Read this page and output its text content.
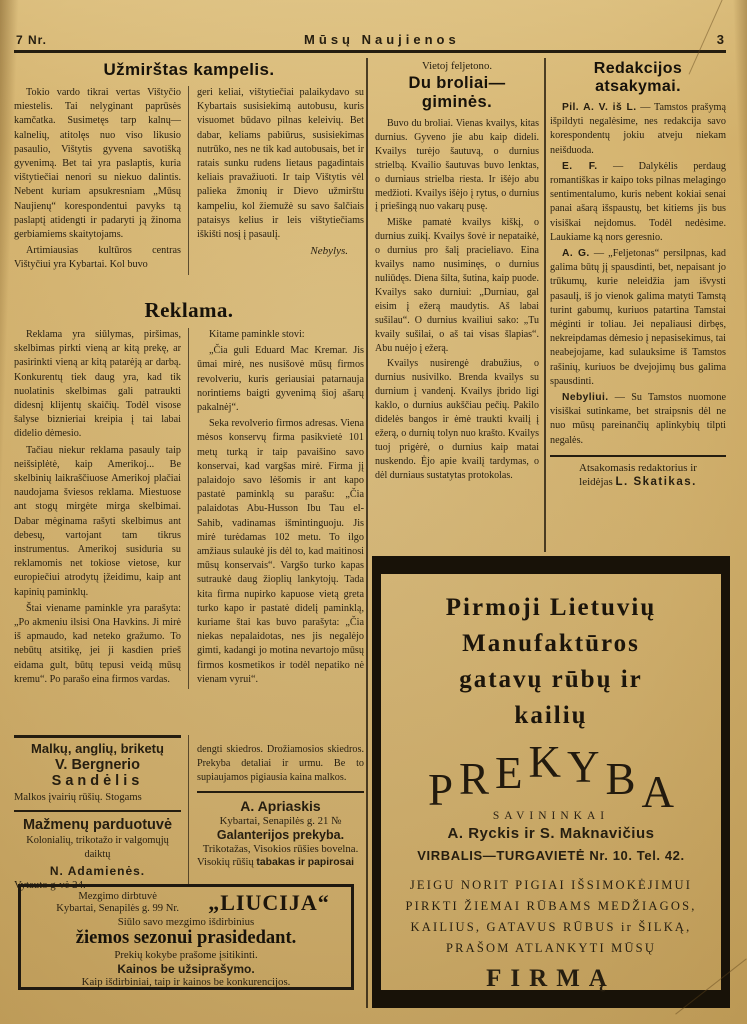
7 Nr.	Mūsų Naujienos	3
Užmirštas kampelis.

Tokio vardo tikrai vertas Vištyčio miestelis. Tai nelyginant paprūsės kamčatka. Susimetęs tarp kalnų—kalnelių, atitolęs nuo viso likusio pasaulio, Vištytis gyvena savotišką gyvenimą. Bet tai yra paslaptis, kuria vištytiečiai nenori su niekuo dalintis. Nebent kuriam apsukresniam „Mūsų Naujienų“ korespondentui pavyks tą paslaptį atidengti ir padaryti ją žinoma gerbiamiems skaitytojams.

Artimiausias kultūros centras Vištyčiui yra Kybartai. Kol buvo

geri keliai, vištytiečiai palaikydavo su Kybartais susisiekimą autobusu, kuris visuomet būdavo pilnas keleivių. Bet dabar, keliams pabiūrus, susisiekimas nutrūko, nes ne tik kad autobusais, bet ir ratais sunku rudens lietaus pagadintais keliais pravažiuoti. Ir taip Vištytis vėl palieka žmonių ir Dievo užmirštu kampeliu, kol žiemužė su savo šalčiais pataisys kelius ir leis vištytiečiams iškišti nosį į pasaulį.

Nebylys.

Reklama.

Reklama yra siūlymas, piršimas, skelbimas pirkti vieną ar kitą prekę, ar pasirinkti vieną ar kitą patarėją ar darbą. Konkurentų tiek daug yra, kad tik nuolatinis skelbimas gali patraukti didesnį klijentų skaičių. Todėl visose šalyse biznieriai kreipia į tai labai didelio dėmesio.

Tačiau niekur reklama pasauly taip neišsiplėtė, kaip Amerikoj... Be skelbinių laikraščiuose Amerikoj plačiai naudojama šviesos reklama. Miestuose ant stogų mirgėte mirga skelbimai. Dabar mėginama rašyti skelbimus ant debesų, vartojant tam tikrus instrumentus. Amerikoj susiduria su reklamomis net tokiose vietose, kur europiečiui atrodytų įžeidimu, kaip ant kapinių paminklų.

Štai viename paminkle yra parašyta: „Po akmeniu ilsisi Ona Havkins. Ji mirė iš apmaudo, kad neteko gražumo. To nebūtų atsitikę, jei ji kasdien prieš eidama gult, būtų tepusi veidą mūsų kremu“. Po parašo eina firmos vardas.

Kitame paminkle stovi:

„Čia guli Eduard Mac Kremar. Jis ūmai mirė, nes nusišovė mūsų firmos revolveriu, kuris geriausiai patarnauja norintiems baigti gyvenimą šioj ašarų pakalnėj“.

Seka revolverio firmos adresas. Viena mėsos konservų firma pasikvietė 101 metų turką ir taip pavaišino savo konservai, kad vargšas mirė. Firma jį palaidojo savo lėšomis ir ant kapo pastatė paminklą su parašu: „Čia palaidotas Abu-Husson Ibu Tau el-Sahib, vadinamas išmintinguoju. Jis mirė turėdamas 102 metu. To ilgo amžiaus sulaukė jis dėl to, kad maitinosi mūsų konservais“. Vargšo turko kapas sutraukė daug žioplių lankytojų. Tada kita firma nupirko kapuose vietą greta turko kapo ir pastatė didelį paminklą, kuriame štai kas buvo parašyta: „Čia niekas nepalaidotas, nes jis negalėjo gimti, kadangi jo motina nevartojo mūsų firmos kosmetikos ir todėl nepatiko nė vienam vyrui“.

Malkų, anglių, briketų
V. Bergnerio Sandėlis

Malkos įvairių rūšių. Stogams

Mažmenų parduotuvė

Kolonialių, trikotažo ir valgomųjų daiktų

N. Adamienės.

Vytauto g-vė 24.

dengti skiedros. Drožiamosios skiedros. Prekyba detaliai ir urmu. Be to supiaujamos pigiausia kaina malkos.

A. Apriaskis

Kybartai, Senapilės g. 21 №

Galanterijos prekyba.

Trikotažas, Visokios rūšies bovelna.

Visokių rūšių tabakas ir papirosai

Mezgimo dirbtuvė
Kybartai, Senapilės g. 99 Nr.	„LIUCIJA“
Siūlo savo mezgimo išdirbinius
žiemos sezonui prasidedant.
Prekių kokybe prašome įsitikinti.
Kainos be užsiprašymo.
Kaip išdirbiniai, taip ir kainos be konkurencijos.
Vietoj feljetono.
Du broliai—giminės.

Buvo du broliai. Vienas kvailys, kitas durnius. Gyveno jie abu kaip dideli. Kvailys turėjo šautuvą, o durnius strielbą. Kvailio šautuvas buvo lenktas, o durniaus strielba riesta. Ir išėjo abu medžioti. Kvailys išėjo į rytus, o durnius į priešingą nuo vakarų pusę.

Miške pamatė kvailys kiškį, o durnius zuikį. Kvailys šovė ir nepataikė, o durnius pro šalį pracieliavo. Eina kvailys namo nusiminęs, o durnius nuliūdęs. Diena šilta, šutina, kaip puode. Kvailys sako durniui: „Durniau, gal eisim į ežerą maudytis. Aš labai sušilau“. O durnius kvailiui sako: „Tu kvaily sušilai, o aš tai visas šlapias“. Abu nuėjo į ežerą.

Kvailys nusirengė drabužius, o durnius nusivilko. Brenda kvailys su durnium į vandenį. Kvailys įbrido ligi kaklo, o durnius aukščiau pečių. Pakilo didelės bangos ir ėmė traukti kvailį į ežerą, o durnių tolyn nuo krašto. Kvailys tuoj prigėrė, o durnius kaip matai nuskendo. Ėjo apie kvailį tardymas, o dėl durniaus sustatytas protokolas.

Redakcijos atsakymai.

Pil. A. V. iš L. — Tamstos prašymą išpildyti negalėsime, nes redakcija savo korespondentų jokiu atveju niekam neišduoda.

E. F. — Dalykėlis perdaug romantiškas ir kaipo toks pilnas melagingo sentimentalumo, kuris nebent kokiai senai panai ašarą išspaustų, bet kitiems jis bus visiškai neįdomus. Todėl nedėsime. Laukiame ką nors geresnio.

A. G. — „Feljetonas“ persilpnas, kad galima būtų jį spausdinti, bet, nepaisant jo trūkumų, kurie neleidžia jam išvysti pasaulį, iš jo vienok galima matyti Tamstą turint gabumų, kuriuos patartina Tamstai mėginti ir toliau. Jei nepaliausi dirbęs, nekreipdamas dėmesio į nepasisekimus, tai neabejojame, kad sulauksime iš Tamstos rašinių, kuriuos be dvejojimų bus galima spausdinti.

Nebyliui. — Su Tamstos nuomone visiškai sutinkame, bet straipsnis dėl ne nuo mūsų pareinančių aplinkybių tilpti negalės.

Atsakomasis redaktorius ir
leidėjas L. Skatikas.
Pirmoji Lietuvių
Manufaktūros
gatavų rūbų ir
kailių
P R E K Y B A
SAVININKAI
A. Ryckis ir S. Maknavičius
VIRBALIS—TURGAVIETĖ Nr. 10. Tel. 42.
JEIGU NORIT PIGIAI IŠSIMOKĖJIMUI PIRKTI ŽIEMAI RŪBAMS MEDŽIAGOS, KAILIUS, GATAVUS RŪBUS ir ŠILKĄ, PRAŠOM ATLANKYTI MŪSŲ
FIRMĄ
